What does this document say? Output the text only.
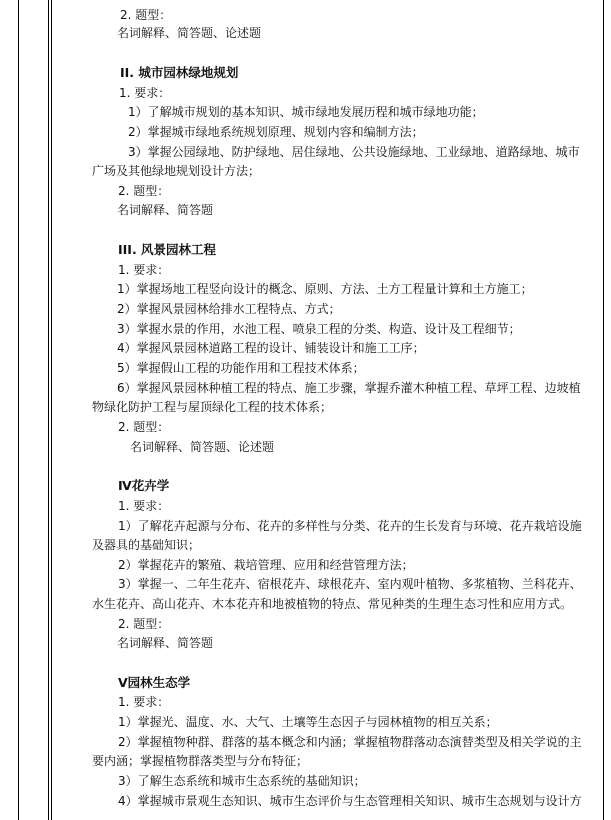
2. 题型：
名词解释、简答题、论述题
II. 城市园林绿地规划
1. 要求：
1）了解城市规划的基本知识、城市绿地发展历程和城市绿地功能；
2）掌握城市绿地系统规划原理、规划内容和编制方法；
3）掌握公园绿地、防护绿地、居住绿地、公共设施绿地、工业绿地、道路绿地、城市
广场及其他绿地规划设计方法；
2. 题型：
名词解释、简答题
III. 风景园林工程
1. 要求：
1）掌握场地工程竖向设计的概念、原则、方法、土方工程量计算和土方施工；
2）掌握风景园林给排水工程特点、方式；
3）掌握水景的作用，水池工程、喷泉工程的分类、构造、设计及工程细节；
4）掌握风景园林道路工程的设计、铺装设计和施工工序；
5）掌握假山工程的功能作用和工程技术体系；
6）掌握风景园林种植工程的特点、施工步骤，掌握乔灌木种植工程、草坪工程、边坡植
物绿化防护工程与屋顶绿化工程的技术体系；
2. 题型：
名词解释、简答题、论述题
Ⅳ花卉学
1. 要求：
1）了解花卉起源与分布、花卉的多样性与分类、花卉的生长发育与环境、花卉栽培设施
及器具的基础知识；
2）掌握花卉的繁殖、栽培管理、应用和经营管理方法；
3）掌握一、二年生花卉、宿根花卉、球根花卉、室内观叶植物、多浆植物、兰科花卉、
水生花卉、高山花卉、木本花卉和地被植物的特点、常见种类的生理生态习性和应用方式。
2. 题型：
名词解释、简答题
Ⅴ园林生态学
1. 要求：
1）掌握光、温度、水、大气、土壤等生态因子与园林植物的相互关系；
2）掌握植物种群、群落的基本概念和内涵；掌握植物群落动态演替类型及相关学说的主
要内涵；掌握植物群落类型与分布特征；
3）了解生态系统和城市生态系统的基础知识；
4）掌握城市景观生态知识、城市生态评价与生态管理相关知识、城市生态规划与设计方
